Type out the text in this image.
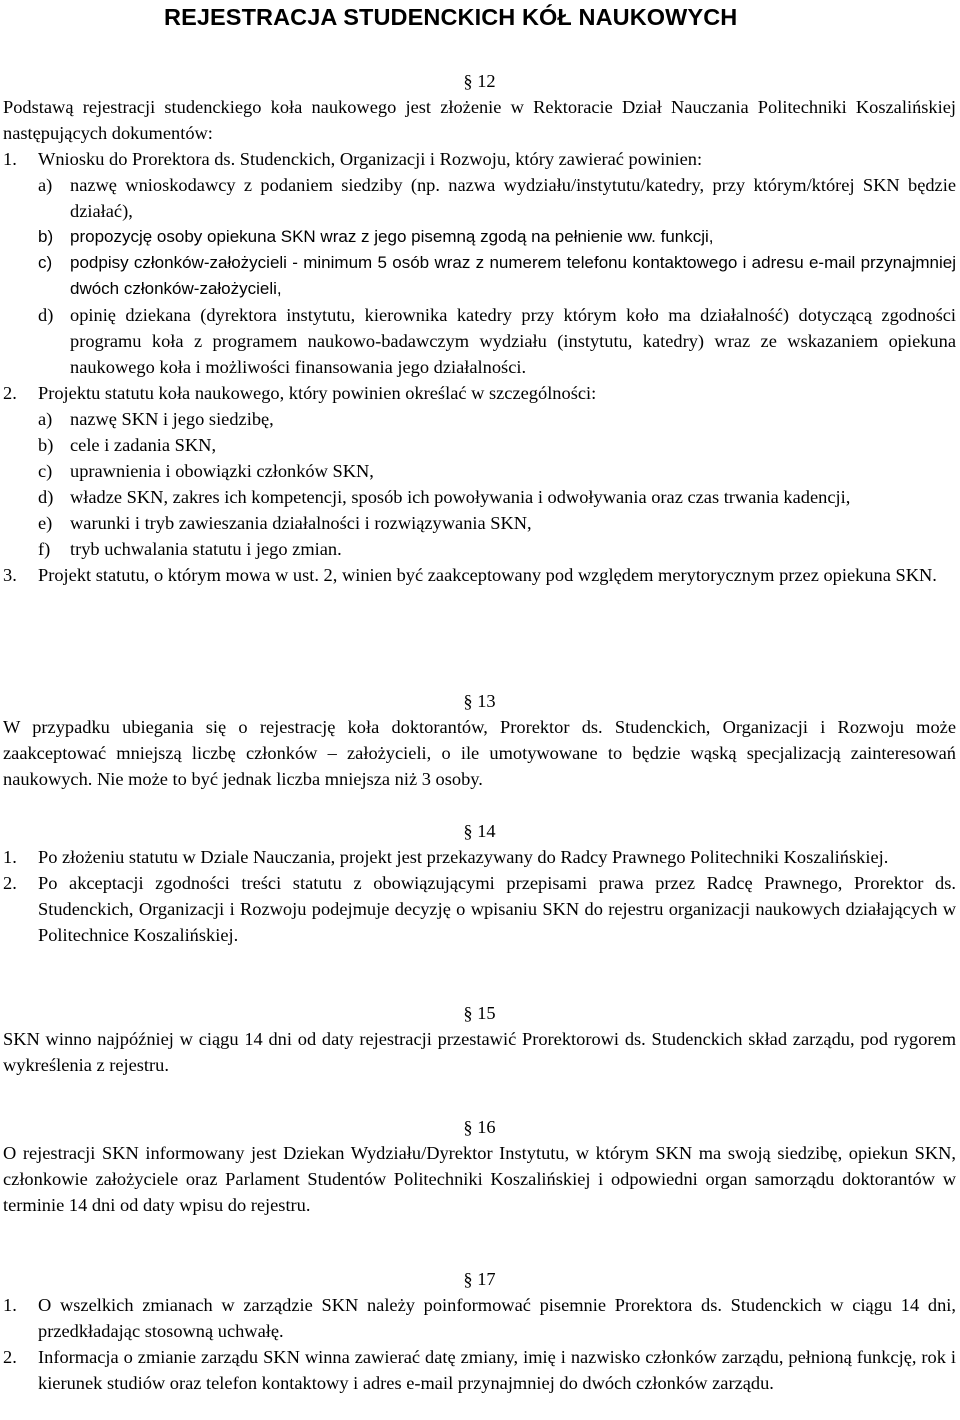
REJESTRACJA STUDENCKICH KÓŁ NAUKOWYCH
§ 12
Podstawą rejestracji studenckiego koła naukowego jest złożenie w Rektoracie Dział Nauczania Politechniki Koszalińskiej następujących dokumentów:
1.	Wniosku do Prorektora ds. Studenckich, Organizacji i Rozwoju, który zawierać powinien:
a) nazwę wnioskodawcy z podaniem siedziby (np. nazwa wydziału/instytutu/katedry, przy którym/której SKN będzie działać),
b) propozycję osoby opiekuna SKN wraz z jego pisemną zgodą na pełnienie ww. funkcji,
c)	podpisy członków-założycieli - minimum 5 osób wraz z numerem telefonu kontaktowego i adresu e-mail przynajmniej dwóch członków-założycieli,
d) opinię dziekana (dyrektora instytutu, kierownika katedry przy którym koło ma działalność) dotyczącą zgodności programu koła z programem naukowo-badawczym wydziału (instytutu, katedry) wraz ze wskazaniem opiekuna naukowego koła i możliwości finansowania jego działalności.
2.	Projektu statutu koła naukowego, który powinien określać w szczególności:
a) nazwę SKN i jego siedzibę,
b) cele i zadania SKN,
c) uprawnienia i obowiązki członków SKN,
d) władze SKN, zakres ich kompetencji, sposób ich powoływania i odwoływania oraz czas trwania kadencji,
e) warunki i tryb zawieszania działalności i rozwiązywania SKN,
f)	tryb uchwalania statutu i jego zmian.
3.	Projekt statutu, o którym mowa w ust. 2, winien być zaakceptowany pod względem merytorycznym przez opiekuna SKN.
§ 13
W przypadku ubiegania się o rejestrację koła doktorantów, Prorektor ds. Studenckich, Organizacji i Rozwoju może zaakceptować mniejszą liczbę członków – założycieli, o ile umotywowane to będzie wąską specjalizacją zainteresowań naukowych. Nie może to być jednak liczba mniejsza niż 3 osoby.
§ 14
1.	Po złożeniu statutu w Dziale Nauczania, projekt jest przekazywany do Radcy Prawnego Politechniki Koszalińskiej.
2.	Po akceptacji zgodności treści statutu z obowiązującymi przepisami prawa przez Radcę Prawnego, Prorektor ds. Studenckich, Organizacji i Rozwoju podejmuje decyzję o wpisaniu SKN do rejestru organizacji naukowych działających w Politechnice Koszalińskiej.
§ 15
SKN winno najpóźniej w ciągu 14 dni od daty rejestracji przestawić Prorektorowi ds. Studenckich skład zarządu, pod rygorem wykreślenia z rejestru.
§ 16
O rejestracji SKN informowany jest Dziekan Wydziału/Dyrektor Instytutu, w którym SKN ma swoją siedzibę, opiekun SKN, członkowie założyciele oraz Parlament Studentów Politechniki Koszalińskiej i odpowiedni organ samorządu doktorantów w terminie 14 dni od daty wpisu do rejestru.
§ 17
1.	O wszelkich zmianach w zarządzie SKN należy poinformować pisemnie Prorektora ds. Studenckich w ciągu 14 dni, przedkładając stosowną uchwałę.
2.	Informacja o zmianie zarządu SKN winna zawierać datę zmiany, imię i nazwisko członków zarządu, pełnioną funkcję, rok i kierunek studiów oraz telefon kontaktowy i adres e-mail przynajmniej do dwóch członków zarządu.
